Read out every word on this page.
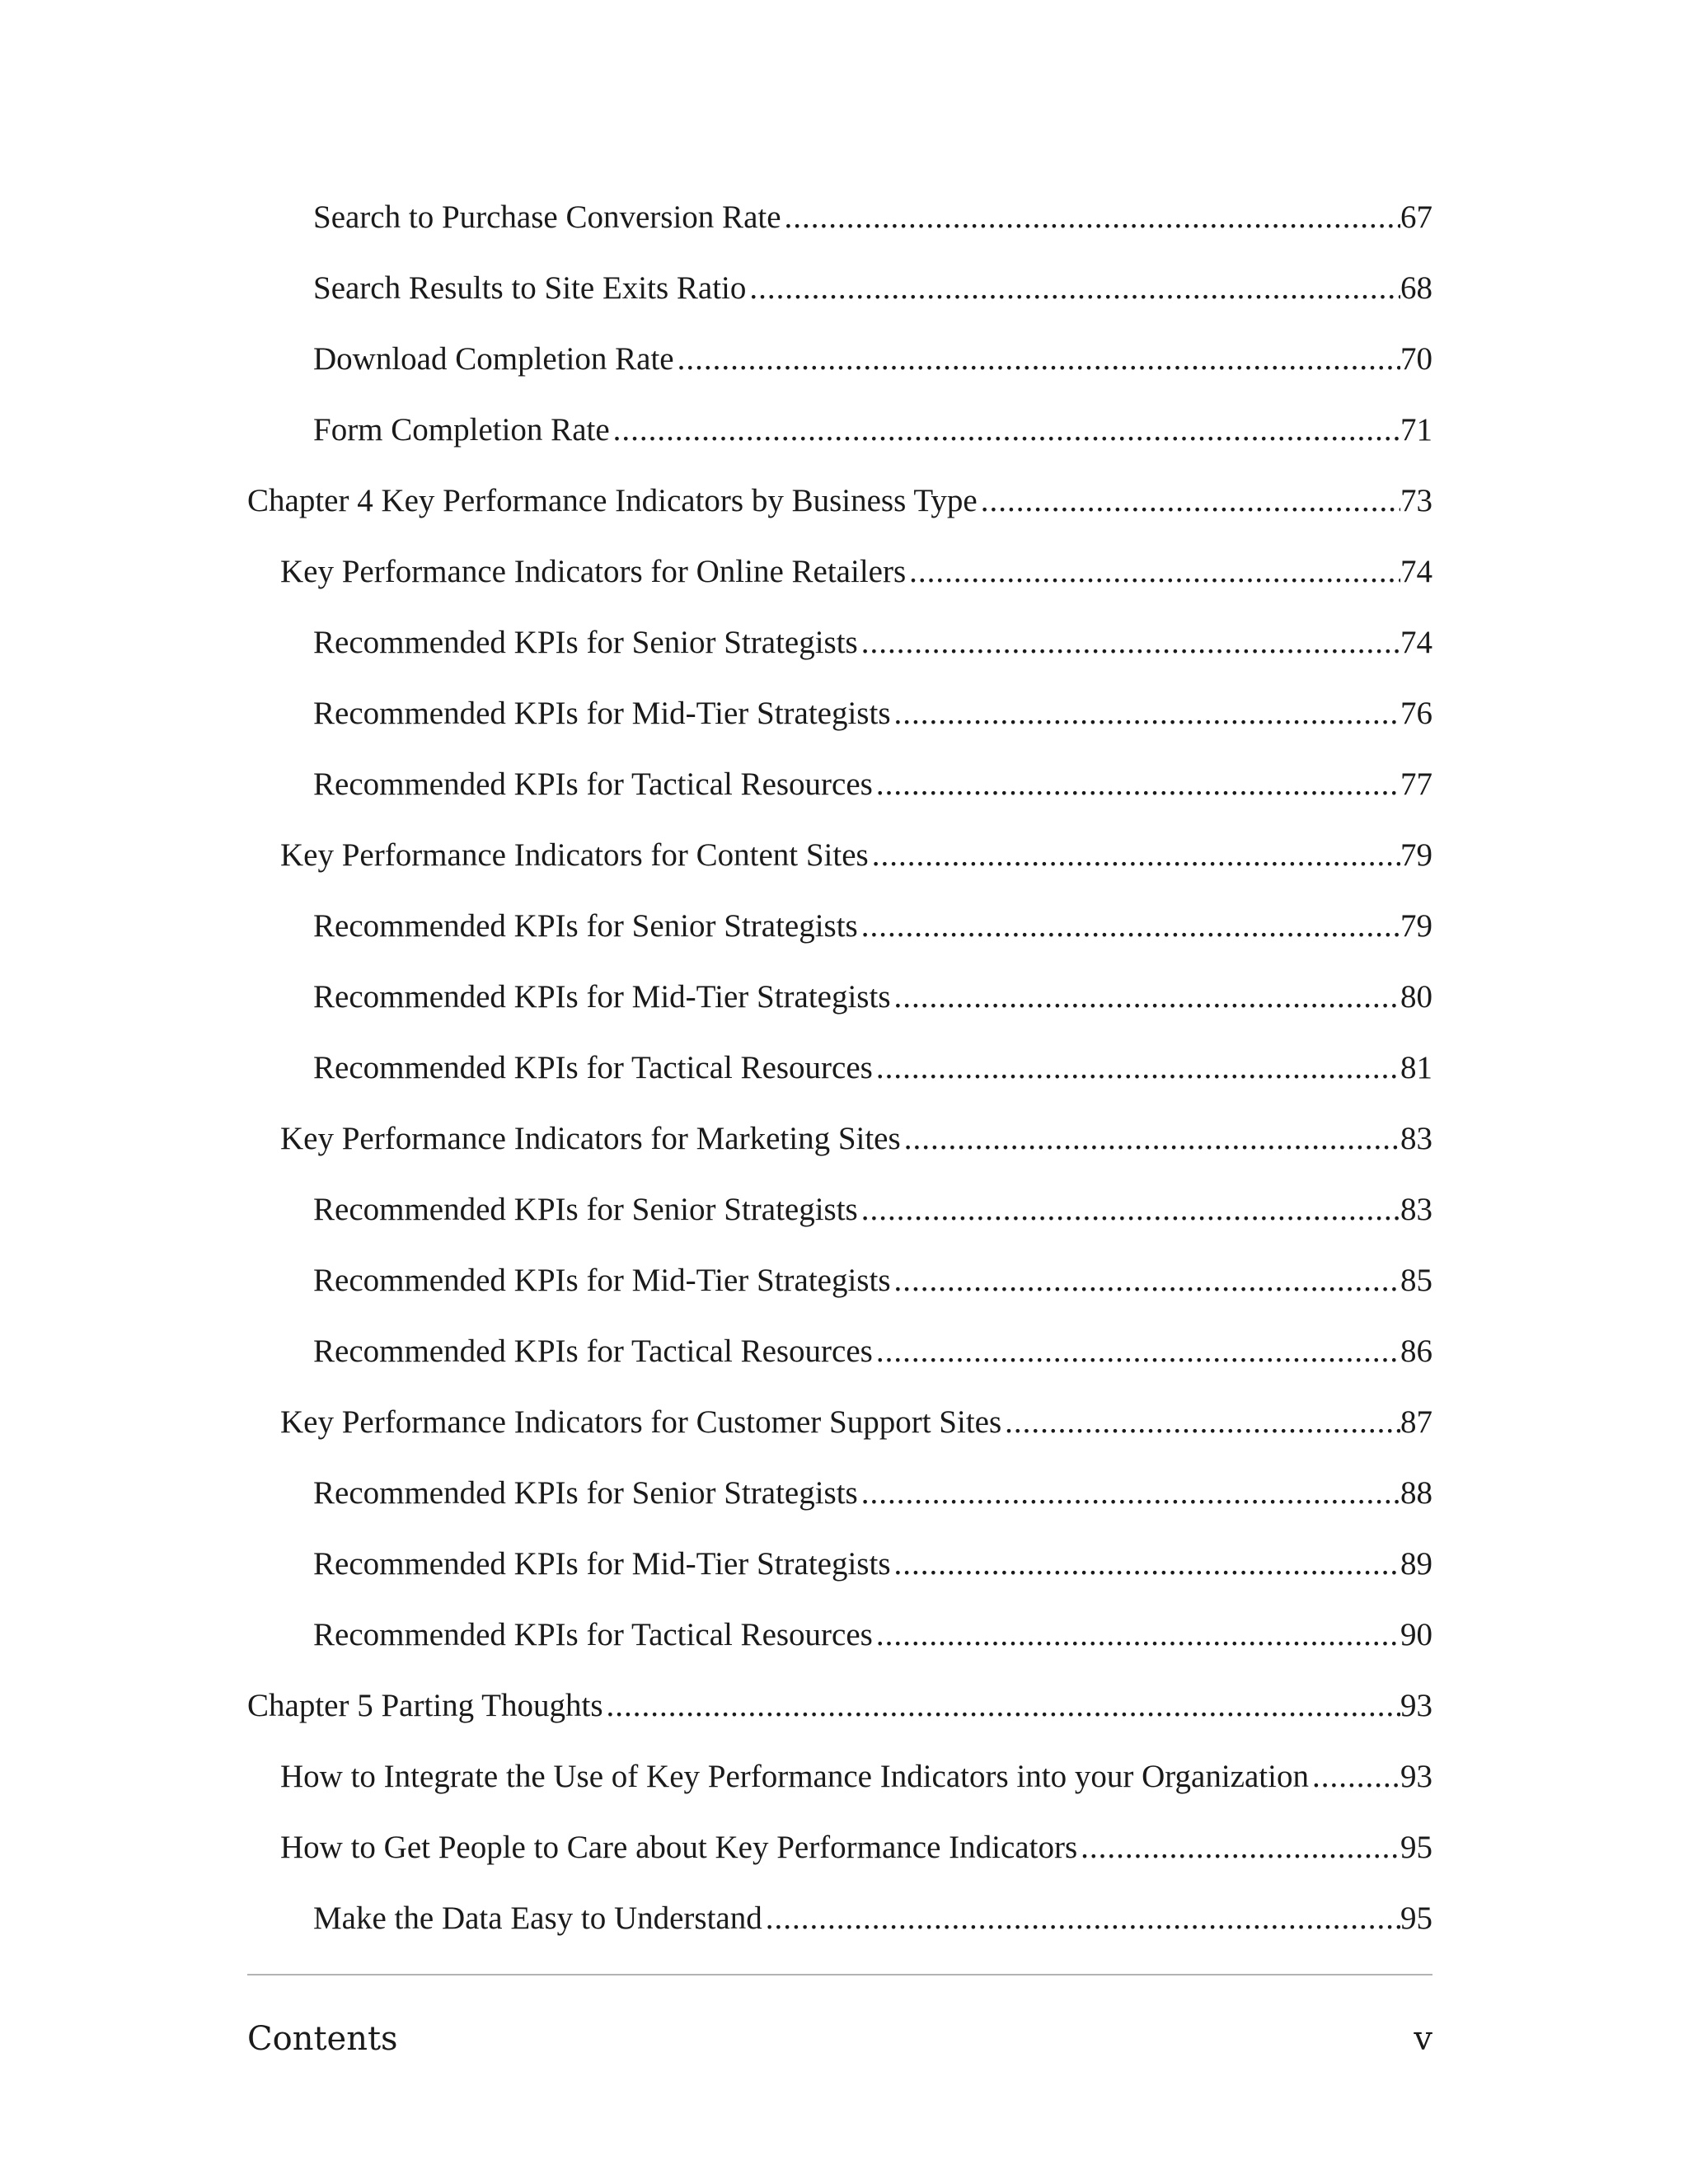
Search to Purchase Conversion Rate .....	67
Search Results to Site Exits Ratio .....	68
Download Completion Rate .....	70
Form Completion Rate .....	71
Chapter 4 Key Performance Indicators by Business Type .....	73
Key Performance Indicators for Online Retailers .....	74
Recommended KPIs for Senior Strategists .....	74
Recommended KPIs for Mid-Tier Strategists .....	76
Recommended KPIs for Tactical Resources .....	77
Key Performance Indicators for Content Sites .....	79
Recommended KPIs for Senior Strategists .....	79
Recommended KPIs for Mid-Tier Strategists .....	80
Recommended KPIs for Tactical Resources .....	81
Key Performance Indicators for Marketing Sites .....	83
Recommended KPIs for Senior Strategists .....	83
Recommended KPIs for Mid-Tier Strategists .....	85
Recommended KPIs for Tactical Resources .....	86
Key Performance Indicators for Customer Support Sites .....	87
Recommended KPIs for Senior Strategists .....	88
Recommended KPIs for Mid-Tier Strategists .....	89
Recommended KPIs for Tactical Resources .....	90
Chapter 5 Parting Thoughts .....	93
How to Integrate the Use of Key Performance Indicators into your Organization .....	93
How to Get People to Care about Key Performance Indicators .....	95
Make the Data Easy to Understand .....	95
Contents	v
